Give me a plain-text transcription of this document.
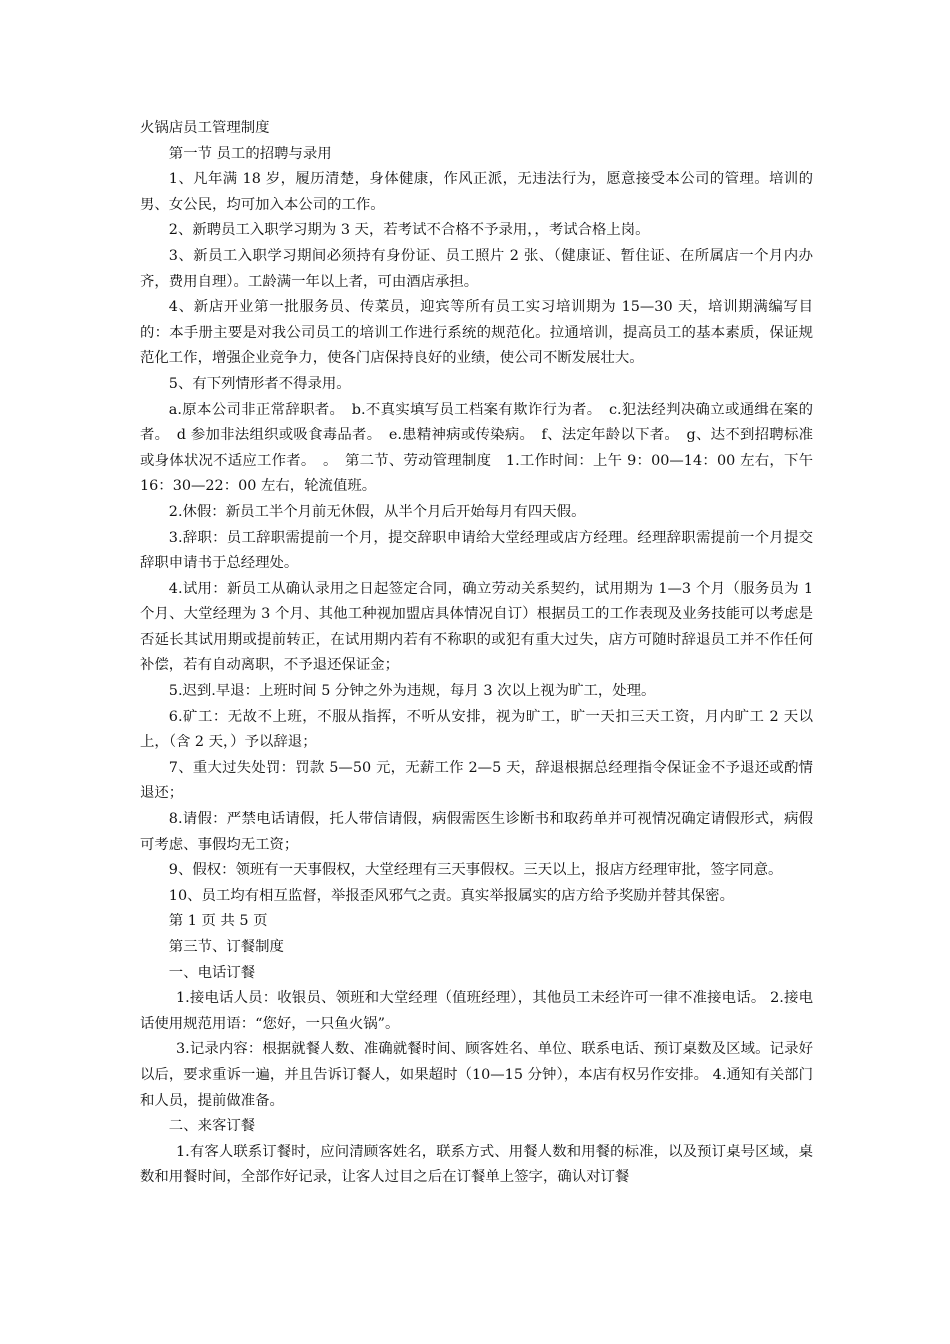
火锅店员工管理制度

第一节 员工的招聘与录用

1、凡年满 18 岁，履历清楚，身体健康，作风正派，无违法行为，愿意接受本公司的管理。培训的男、女公民，均可加入本公司的工作。

2、新聘员工入职学习期为 3 天，若考试不合格不予录用，，考试合格上岗。

3、新员工入职学习期间必须持有身份证、员工照片 2 张、（健康证、暂住证、在所属店一个月内办齐，费用自理）。工龄满一年以上者，可由酒店承担。

4、新店开业第一批服务员、传菜员，迎宾等所有员工实习培训期为 15—30 天，培训期满编写目的：本手册主要是对我公司员工的培训工作进行系统的规范化。拉通培训，提高员工的基本素质，保证规范化工作，增强企业竞争力，使各门店保持良好的业绩，使公司不断发展壮大。

5、有下列情形者不得录用。

a.原本公司非正常辞职者。　b.不真实填写员工档案有欺诈行为者。　c.犯法经判决确立或通缉在案的者。　d 参加非法组织或吸食毒品者。　e.患精神病或传染病。　f、法定年龄以下者。　g、达不到招聘标准或身体状况不适应工作者。　。　第二节、劳动管理制度　1.工作时间：上午 9：00—14：00 左右，下午 16：30—22：00 左右，轮流值班。

2.休假：新员工半个月前无休假，从半个月后开始每月有四天假。

3.辞职：员工辞职需提前一个月，提交辞职申请给大堂经理或店方经理。经理辞职需提前一个月提交辞职申请书于总经理处。

4.试用：新员工从确认录用之日起签定合同，确立劳动关系契约，试用期为 1—3 个月（服务员为 1 个月、大堂经理为 3 个月、其他工种视加盟店具体情况自订）根据员工的工作表现及业务技能可以考虑是否延长其试用期或提前转正，在试用期内若有不称职的或犯有重大过失，店方可随时辞退员工并不作任何补偿，若有自动离职，不予退还保证金；

5.迟到.早退：上班时间 5 分钟之外为违规，每月 3 次以上视为旷工，处理。

6.矿工：无故不上班，不服从指挥，不听从安排，视为旷工，旷一天扣三天工资，月内旷工 2 天以上，（含 2 天，）予以辞退；

7、重大过失处罚：罚款 5—50 元，无薪工作 2—5 天，辞退根据总经理指令保证金不予退还或酌情退还；

8.请假：严禁电话请假，托人带信请假，病假需医生诊断书和取药单并可视情况确定请假形式，病假可考虑、事假均无工资；

9、假权：领班有一天事假权，大堂经理有三天事假权。三天以上，报店方经理审批，签字同意。

10、员工均有相互监督，举报歪风邪气之责。真实举报属实的店方给予奖励并替其保密。

第 1 页 共 5 页

第三节、订餐制度

一、电话订餐

1.接电话人员：收银员、领班和大堂经理（值班经理），其他员工未经许可一律不准接电话。 2.接电话使用规范用语：“您好，一只鱼火锅”。

3.记录内容：根据就餐人数、准确就餐时间、顾客姓名、单位、联系电话、预订桌数及区域。记录好以后，要求重诉一遍，并且告诉订餐人，如果超时（10—15 分钟），本店有权另作安排。 4.通知有关部门和人员，提前做准备。

二、来客订餐

1.有客人联系订餐时，应问清顾客姓名，联系方式、用餐人数和用餐的标准，以及预订桌号区域，桌数和用餐时间，全部作好记录，让客人过目之后在订餐单上签字，确认对订餐
